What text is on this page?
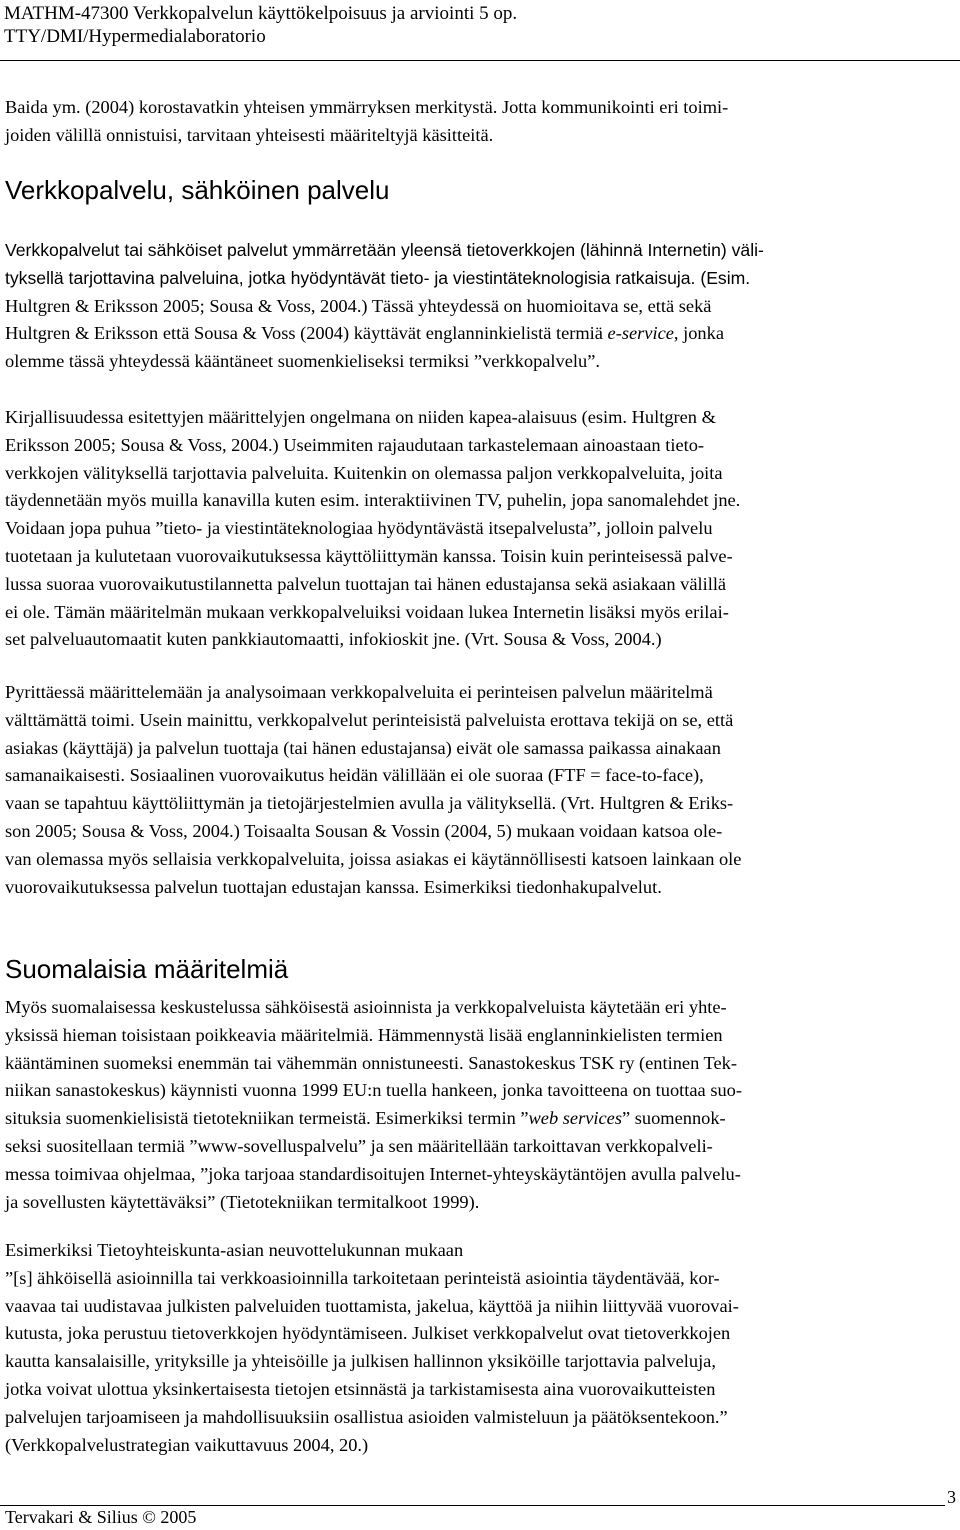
MATHM-47300 Verkkopalvelun käyttökelpoisuus ja arviointi 5 op.
TTY/DMI/Hypermedialaboratorio
Baida ym. (2004) korostavatkin yhteisen ymmärryksen merkitystä. Jotta kommunikointi eri toimi-
joiden välillä onnistuisi, tarvitaan yhteisesti määriteltyjä käsitteitä.
Verkkopalvelu, sähköinen palvelu
Verkkopalvelut tai sähköiset palvelut ymmärretään yleensä tietoverkkojen (lähinnä Internetin) väli-
tyksellä tarjottavina palveluina, jotka hyödyntävät tieto- ja viestintäteknologisia ratkaisuja. (Esim.
Hultgren & Eriksson 2005; Sousa & Voss, 2004.) Tässä yhteydessä on huomioitava se, että sekä
Hultgren & Eriksson että Sousa & Voss (2004) käyttävät englanninkielistä termiä e-service, jonka
olemme tässä yhteydessä kääntäneet suomenkieliseksi termiksi ”verkkopalvelu”.
Kirjallisuudessa esitettyjen määrittelyjen ongelmana on niiden kapea-alaisuus (esim. Hultgren &
Eriksson 2005; Sousa & Voss, 2004.) Useimmiten rajaudutaan tarkastelemaan ainoastaan tieto-
verkkojen välityksellä tarjottavia palveluita. Kuitenkin on olemassa paljon verkkopalveluita, joita
täydennetään myös muilla kanavilla kuten esim. interaktiivinen TV, puhelin, jopa sanomalehdet jne.
Voidaan jopa puhua ”tieto- ja viestintäteknologiaa hyödyntävästä itsepalvelusta”, jolloin palvelu
tuotetaan ja kulutetaan vuorovaikutuksessa käyttöliittymän kanssa. Toisin kuin perinteisessä palve-
lussa suoraa vuorovaikutustilannetta palvelun tuottajan tai hänen edustajansa sekä asiakaan välillä
ei ole. Tämän määritelmän mukaan verkkopalveluiksi voidaan lukea Internetin lisäksi myös erilai-
set palveluautomaatit kuten pankkiautomaatti, infokioskit jne. (Vrt. Sousa & Voss, 2004.)
Pyrittäessä määrittelemään ja analysoimaan verkkopalveluita ei perinteisen palvelun määritelmä
välttämättä toimi. Usein mainittu, verkkopalvelut perinteisistä palveluista erottava tekijä on se, että
asiakas (käyttäjä) ja palvelun tuottaja (tai hänen edustajansa) eivät ole samassa paikassa ainakaan
samanaikaisesti. Sosiaalinen vuorovaikutus heidän välillään ei ole suoraa (FTF = face-to-face),
vaan se tapahtuu käyttöliittymän ja tietojärjestelmien avulla ja välityksellä. (Vrt. Hultgren & Eriks-
son 2005; Sousa & Voss, 2004.) Toisaalta Sousan & Vossin (2004, 5) mukaan voidaan katsoa ole-
van olemassa myös sellaisia verkkopalveluita, joissa asiakas ei käytännöllisesti katsoen lainkaan ole
vuorovaikutuksessa palvelun tuottajan edustajan kanssa. Esimerkiksi tiedonhakupalvelut.
Suomalaisia määritelmiä
Myös suomalaisessa keskustelussa sähköisestä asioinnista ja verkkopalveluista käytetään eri yhte-
yksissä hieman toisistaan poikkeavia määritelmiä. Hämmennystä lisää englanninkielisten termien
kääntäminen suomeksi enemmän tai vähemmän onnistuneesti. Sanastokeskus TSK ry (entinen Tek-
niikan sanastokeskus) käynnisti vuonna 1999 EU:n tuella hankeen, jonka tavoitteena on tuottaa suo-
situksia suomenkielisistä tietotekniikan termeistä. Esimerkiksi termin ”web services” suomennok-
seksi suositellaan termiä ”www-sovelluspalvelu” ja sen määritellään tarkoittavan verkkopalveli-
messa toimivaa ohjelmaa, ”joka tarjoaa standardisoitujen Internet-yhteyskäytäntöjen avulla palvelu-
ja sovellusten käytettäväksi” (Tietotekniikan termitalkoot 1999).
Esimerkiksi Tietoyhteiskunta-asian neuvottelukunnan mukaan
”[s] ähköisellä asioinnilla tai verkkoasioinnilla tarkoitetaan perinteistä asiointia täydentävää, kor-
vaavaa tai uudistavaa julkisten palveluiden tuottamista, jakelua, käyttöä ja niihin liittyvää vuorovai-
kutusta, joka perustuu tietoverkkojen hyödyntämiseen. Julkiset verkkopalvelut ovat tietoverkkojen
kautta kansalaisille, yrityksille ja yhteisöille ja julkisen hallinnon yksiköille tarjottavia palveluja,
jotka voivat ulottua yksinkertaisesta tietojen etsinnästä ja tarkistamisesta aina vuorovaikutteisten
palvelujen tarjoamiseen ja mahdollisuuksiin osallistua asioiden valmisteluun ja päätöksentekoon.”
(Verkkopalvelustrategian vaikuttavuus 2004, 20.)
3
Tervakari & Silius © 2005
